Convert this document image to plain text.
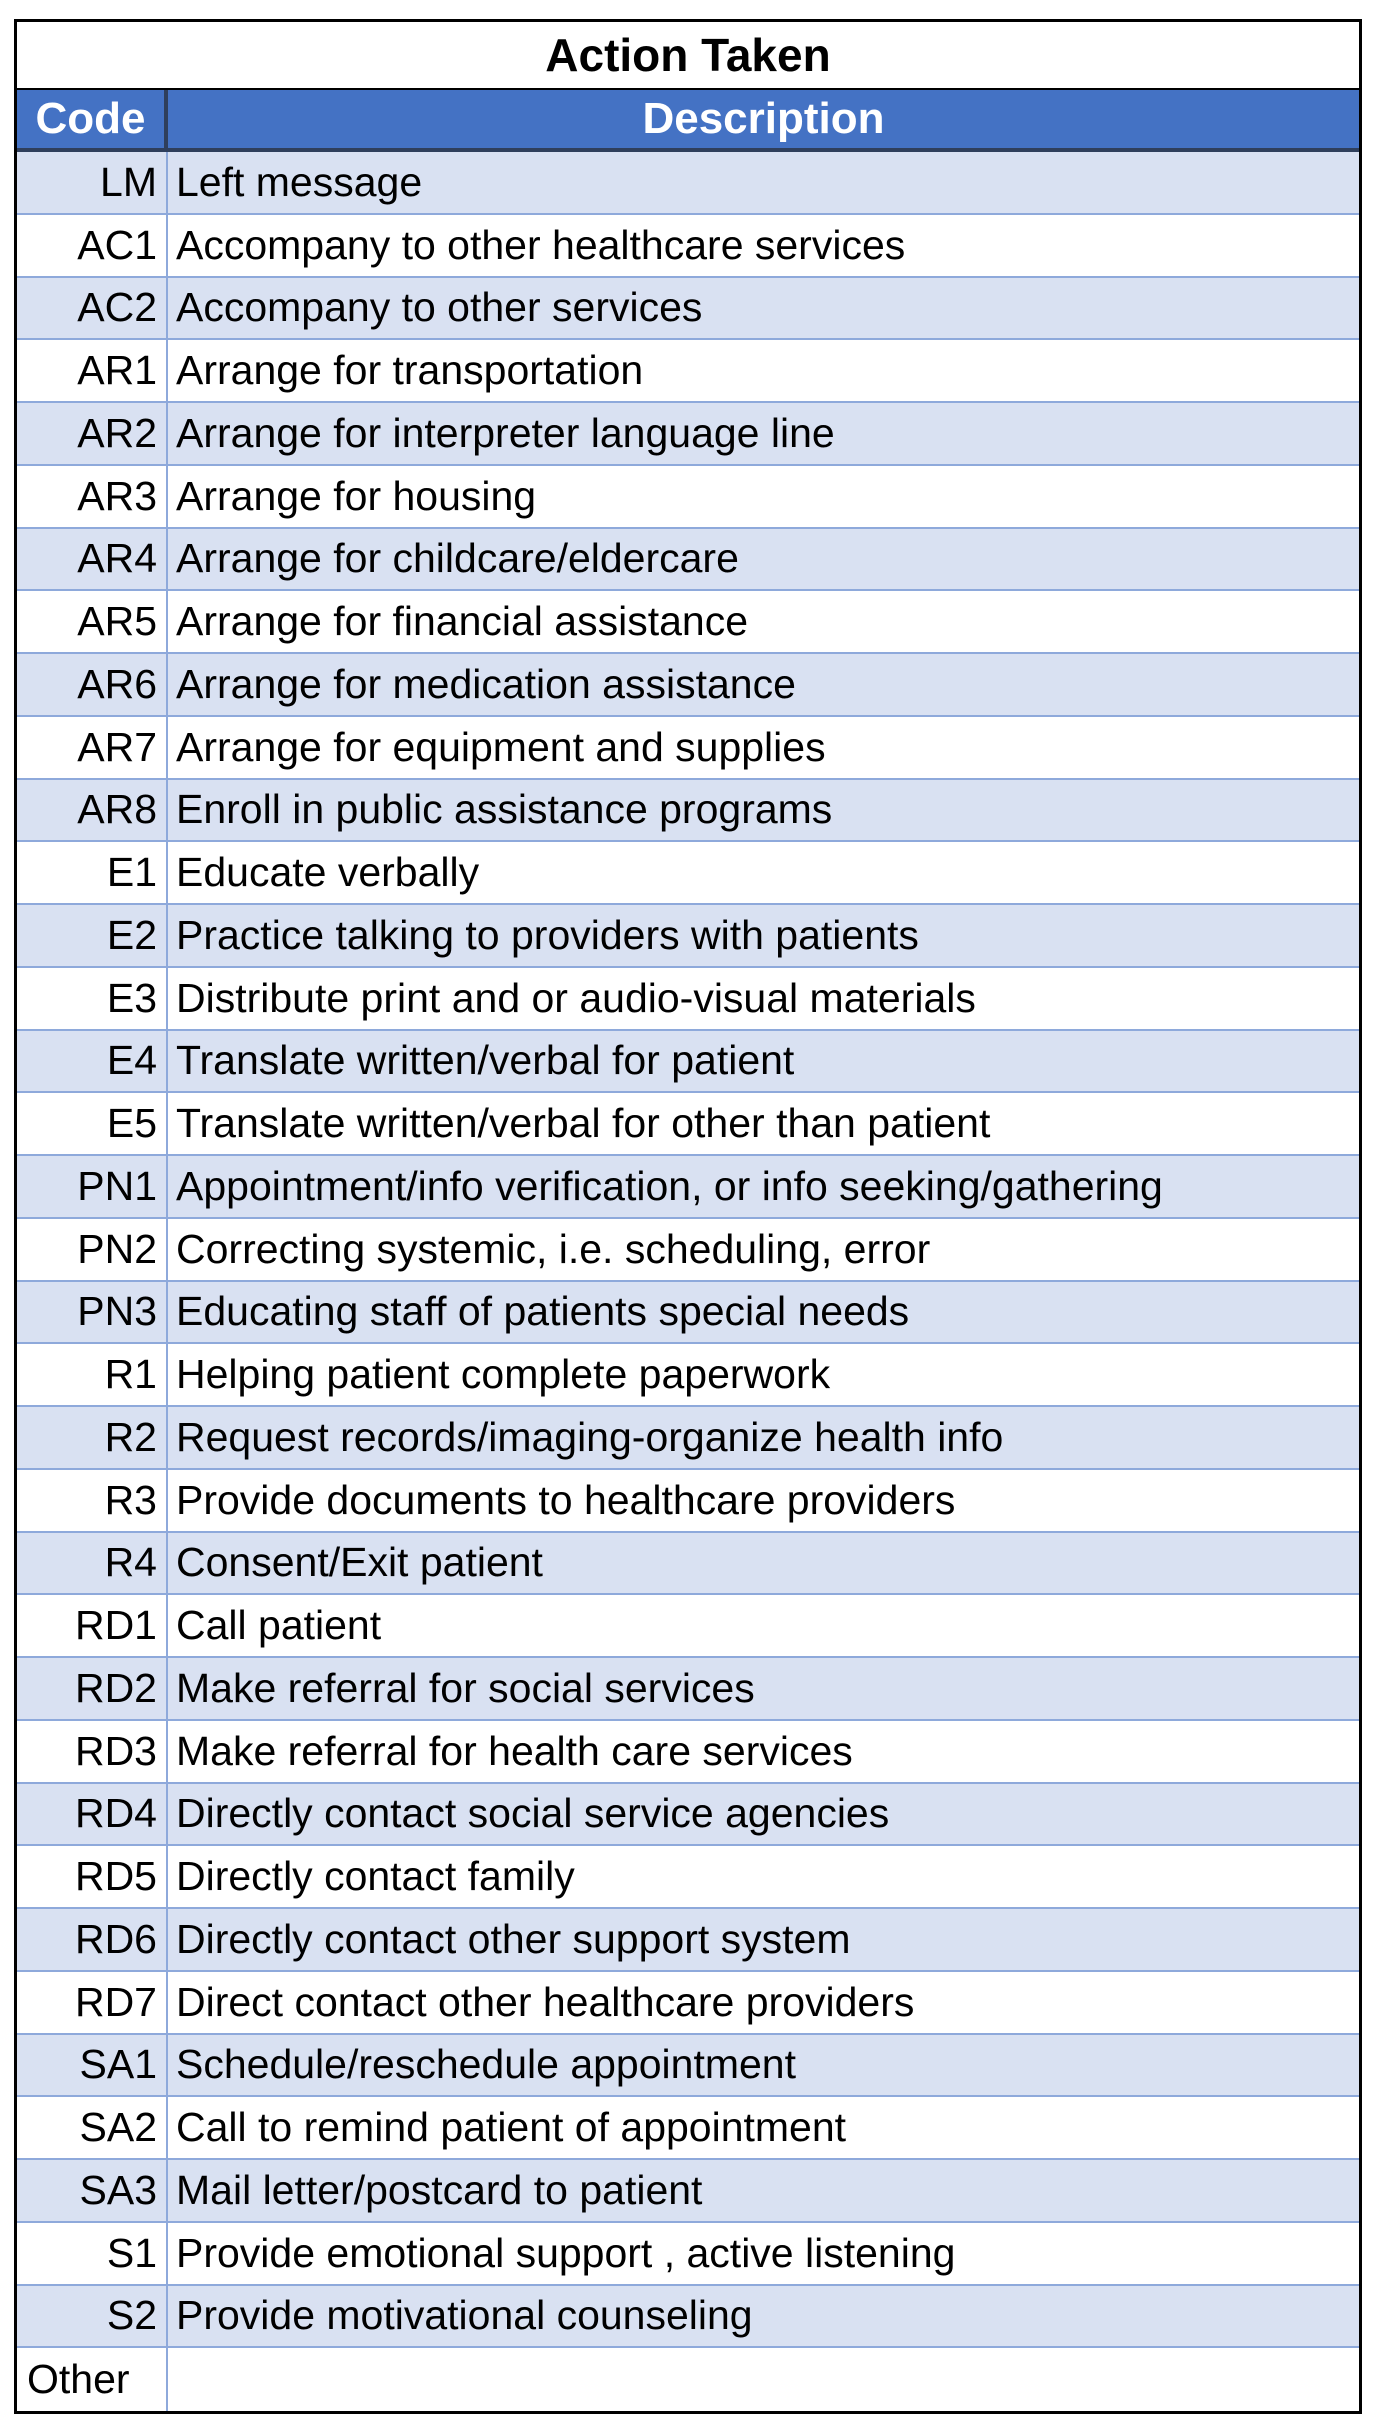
Action Taken
Code	Description
LM Left message
AC1 Accompany to other healthcare services
AC2 Accompany to other services
AR1 Arrange for transportation
AR2 Arrange for interpreter language line
AR3 Arrange for housing
AR4 Arrange for childcare/eldercare
AR5 Arrange for financial assistance
AR6 Arrange for medication assistance
AR7 Arrange for equipment and supplies
AR8 Enroll in public assistance programs
E1 Educate verbally
E2 Practice talking to providers with patients
E3 Distribute print and or audio-visual materials
E4 Translate written/verbal for patient
E5 Translate written/verbal for other than patient
PN1 Appointment/info verification, or info seeking/gathering
PN2 Correcting systemic, i.e. scheduling, error
PN3 Educating staff of patients special needs
R1 Helping patient complete paperwork
R2 Request records/imaging-organize health info
R3 Provide documents to healthcare providers
R4 Consent/Exit patient
RD1 Call patient
RD2 Make referral for social services
RD3 Make referral for health care services
RD4 Directly contact social service agencies
RD5 Directly contact family
RD6 Directly contact other support system
RD7 Direct contact other healthcare providers
SA1 Schedule/reschedule appointment
SA2 Call to remind patient of appointment
SA3 Mail letter/postcard to patient
S1 Provide emotional support , active listening
S2 Provide motivational counseling
Other
